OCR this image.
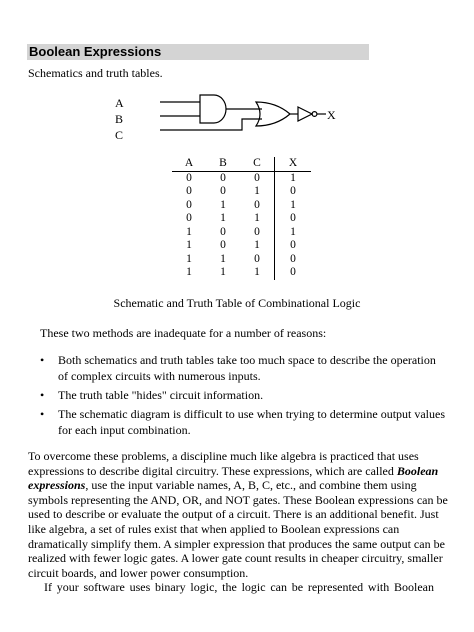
Boolean Expressions
Schematics and truth tables.
A
B
C
X
A	B	C	X
0	0	0	1
0	0	1	0
0	1	0	1
0	1	1	0
1	0	0	1
1	0	1	0
1	1	0	0
1	1	1	0
Schematic and Truth Table of Combinational Logic
These two methods are inadequate for a number of reasons:
• Both schematics and truth tables take too much space to describe the operation of complex circuits with numerous inputs.
• The truth table "hides" circuit information.
• The schematic diagram is difficult to use when trying to determine output values for each input combination.
To overcome these problems, a discipline much like algebra is practiced that uses expressions to describe digital circuitry. These expressions, which are called Boolean expressions, use the input variable names, A, B, C, etc., and combine them using symbols representing the AND, OR, and NOT gates. These Boolean expressions can be used to describe or evaluate the output of a circuit. There is an additional benefit. Just like algebra, a set of rules exist that when applied to Boolean expressions can dramatically simplify them. A simpler expression that produces the same output can be realized with fewer logic gates. A lower gate count results in cheaper circuitry, smaller circuit boards, and lower power consumption.
If your software uses binary logic, the logic can be represented with Boolean
